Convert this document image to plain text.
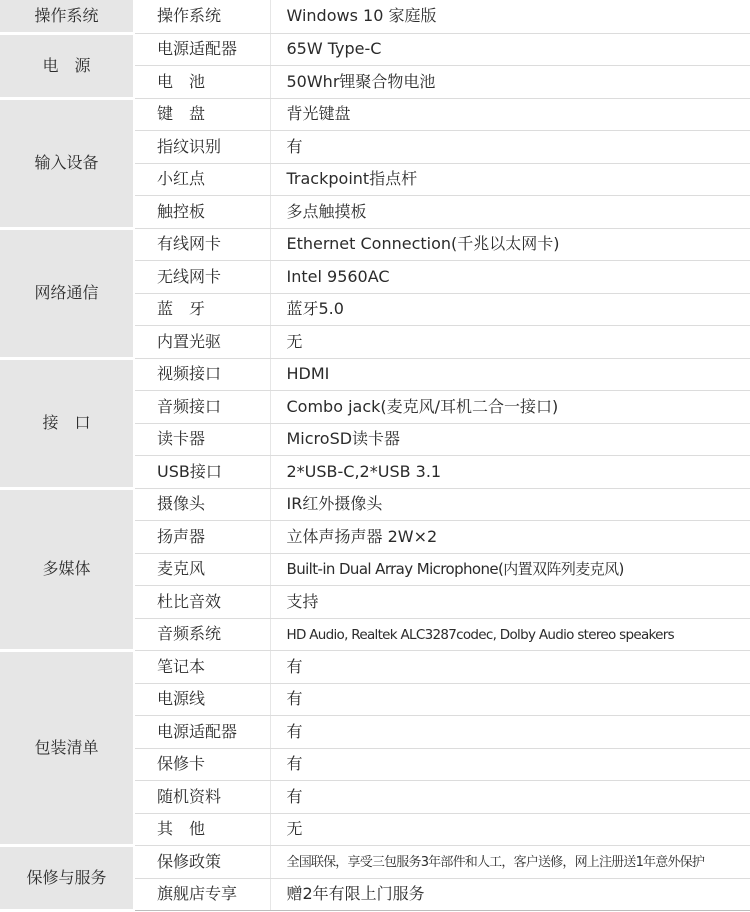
操作系统	操作系统	Windows 10 家庭版
电　源	电源适配器	65W Type-C
	电　池	50Whr锂聚合物电池
输入设备	键　盘	背光键盘
	指纹识别	有
	小红点	Trackpoint指点杆
	触控板	多点触摸板
网络通信	有线网卡	Ethernet Connection(千兆以太网卡)
	无线网卡	Intel 9560AC
	蓝　牙	蓝牙5.0
	内置光驱	无
接　口	视频接口	HDMI
	音频接口	Combo jack(麦克风/耳机二合一接口)
	读卡器	MicroSD读卡器
	USB接口	2*USB-C,2*USB 3.1
多媒体	摄像头	IR红外摄像头
	扬声器	立体声扬声器 2W×2
	麦克风	Built-in Dual Array Microphone(内置双阵列麦克风)
	杜比音效	支持
	音频系统	HD Audio, Realtek ALC3287codec, Dolby Audio stereo speakers
包装清单	笔记本	有
	电源线	有
	电源适配器	有
	保修卡	有
	随机资料	有
	其　他	无
保修与服务	保修政策	全国联保，享受三包服务3年部件和人工，客户送修，网上注册送1年意外保护
	旗舰店专享	赠2年有限上门服务
